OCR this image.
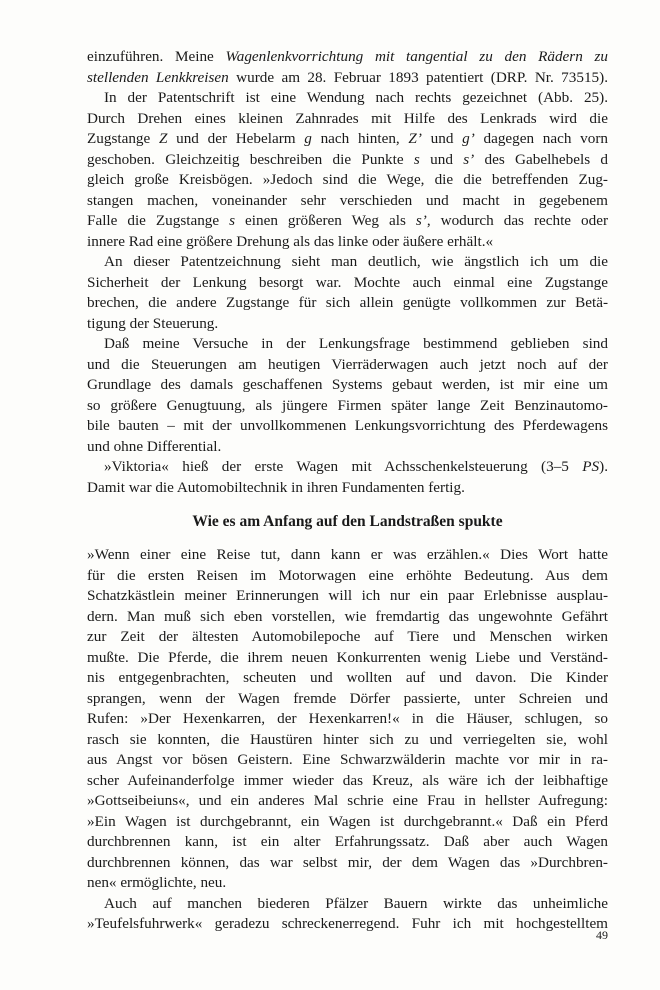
einzuführen. Meine Wagenlenkvorrichtung mit tangential zu den Rädern zu
stellenden Lenkkreisen wurde am 28. Februar 1893 patentiert (DRP. Nr. 73515).
In der Patentschrift ist eine Wendung nach rechts gezeichnet (Abb. 25).
Durch Drehen eines kleinen Zahnrades mit Hilfe des Lenkrads wird die
Zugstange Z und der Hebelarm g nach hinten, Z’ und g’ dagegen nach vorn
geschoben. Gleichzeitig beschreiben die Punkte s und s’ des Gabelhebels d
gleich große Kreisbögen. »Jedoch sind die Wege, die die betreffenden Zug-
stangen machen, voneinander sehr verschieden und macht in gegebenem
Falle die Zugstange s einen größeren Weg als s’, wodurch das rechte oder
innere Rad eine größere Drehung als das linke oder äußere erhält.«
An dieser Patentzeichnung sieht man deutlich, wie ängstlich ich um die
Sicherheit der Lenkung besorgt war. Mochte auch einmal eine Zugstange
brechen, die andere Zugstange für sich allein genügte vollkommen zur Betä-
tigung der Steuerung.
Daß meine Versuche in der Lenkungsfrage bestimmend geblieben sind
und die Steuerungen am heutigen Vierräderwagen auch jetzt noch auf der
Grundlage des damals geschaffenen Systems gebaut werden, ist mir eine um
so größere Genugtuung, als jüngere Firmen später lange Zeit Benzinautomo-
bile bauten – mit der unvollkommenen Lenkungsvorrichtung des Pferdewagens
und ohne Differential.
»Viktoria« hieß der erste Wagen mit Achsschenkelsteuerung (3–5 PS).
Damit war die Automobiltechnik in ihren Fundamenten fertig.
Wie es am Anfang auf den Landstraßen spukte
»Wenn einer eine Reise tut, dann kann er was erzählen.« Dies Wort hatte
für die ersten Reisen im Motorwagen eine erhöhte Bedeutung. Aus dem
Schatzkästlein meiner Erinnerungen will ich nur ein paar Erlebnisse ausplau-
dern. Man muß sich eben vorstellen, wie fremdartig das ungewohnte Gefährt
zur Zeit der ältesten Automobilepoche auf Tiere und Menschen wirken
mußte. Die Pferde, die ihrem neuen Konkurrenten wenig Liebe und Verständ-
nis entgegenbrachten, scheuten und wollten auf und davon. Die Kinder
sprangen, wenn der Wagen fremde Dörfer passierte, unter Schreien und
Rufen: »Der Hexenkarren, der Hexenkarren!« in die Häuser, schlugen, so
rasch sie konnten, die Haustüren hinter sich zu und verriegelten sie, wohl
aus Angst vor bösen Geistern. Eine Schwarzwälderin machte vor mir in ra-
scher Aufeinanderfolge immer wieder das Kreuz, als wäre ich der leibhaftige
»Gottseibeiuns«, und ein anderes Mal schrie eine Frau in hellster Aufregung:
»Ein Wagen ist durchgebrannt, ein Wagen ist durchgebrannt.« Daß ein Pferd
durchbrennen kann, ist ein alter Erfahrungssatz. Daß aber auch Wagen
durchbrennen können, das war selbst mir, der dem Wagen das »Durchbren-
nen« ermöglichte, neu.
Auch auf manchen biederen Pfälzer Bauern wirkte das unheimliche
»Teufelsfuhrwerk« geradezu schreckenerregend. Fuhr ich mit hochgestelltem
49
